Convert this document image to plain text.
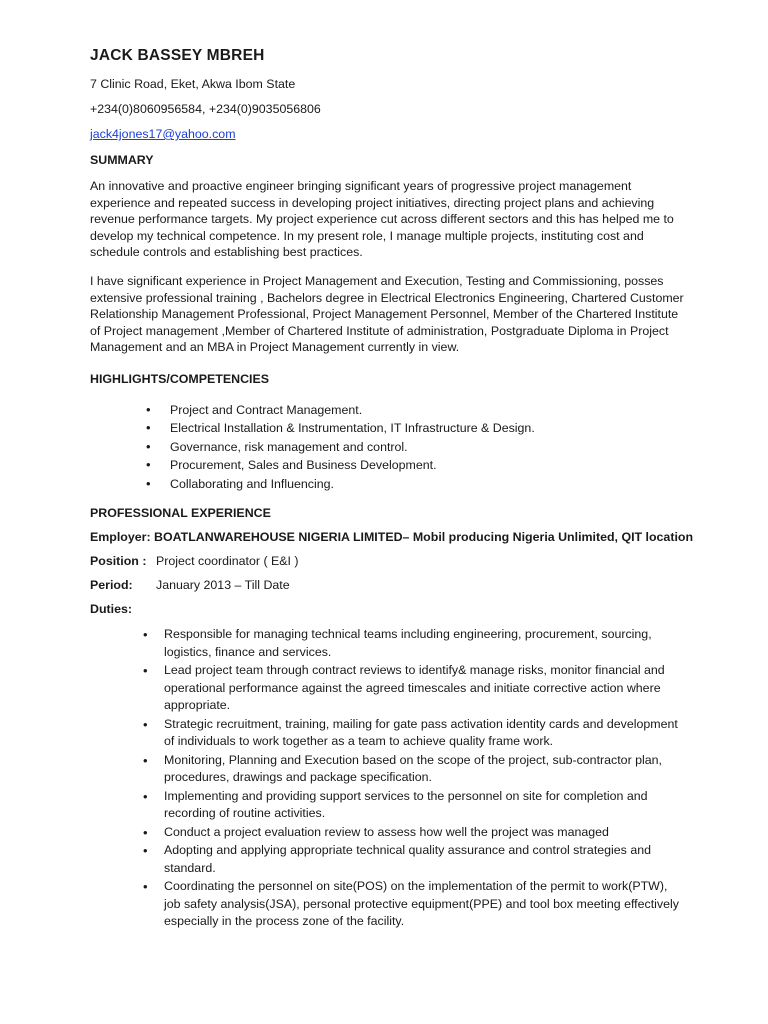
JACK BASSEY MBREH
7 Clinic Road, Eket, Akwa Ibom State
+234(0)8060956584, +234(0)9035056806
jack4jones17@yahoo.com
SUMMARY

An innovative and proactive engineer bringing significant years of progressive project management experience and repeated success in developing project initiatives, directing project plans and achieving revenue performance targets. My project experience cut across different sectors and this has helped me to develop my technical competence. In my present role, I manage multiple projects, instituting cost and schedule controls and establishing best practices.

I have significant experience in Project Management and Execution, Testing and Commissioning, posses extensive professional training , Bachelors degree in Electrical Electronics Engineering, Chartered Customer Relationship Management Professional, Project Management Personnel, Member of the Chartered Institute of Project management ,Member of Chartered Institute of administration, Postgraduate Diploma in Project Management and an MBA in Project Management currently in view.

HIGHLIGHTS/COMPETENCIES
• Project and Contract Management.
• Electrical Installation & Instrumentation, IT Infrastructure & Design.
• Governance, risk management and control.
• Procurement, Sales and Business Development.
• Collaborating and Influencing.
PROFESSIONAL EXPERIENCE
Employer: BOATLANWAREHOUSE NIGERIA LIMITED– Mobil producing Nigeria Unlimited, QIT location
Position : Project coordinator ( E&I )
Period: January 2013 – Till Date
Duties:
• Responsible for managing technical teams including engineering, procurement, sourcing, logistics, finance and services.
• Lead project team through contract reviews to identify& manage risks, monitor financial and operational performance against the agreed timescales and initiate corrective action where appropriate.
• Strategic recruitment, training, mailing for gate pass activation identity cards and development of individuals to work together as a team to achieve quality frame work.
• Monitoring, Planning and Execution based on the scope of the project, sub-contractor plan, procedures, drawings and package specification.
• Implementing and providing support services to the personnel on site for completion and recording of routine activities.
• Conduct a project evaluation review to assess how well the project was managed
• Adopting and applying appropriate technical quality assurance and control strategies and standard.
• Coordinating the personnel on site(POS) on the implementation of the permit to work(PTW), job safety analysis(JSA), personal protective equipment(PPE) and tool box meeting effectively especially in the process zone of the facility.
